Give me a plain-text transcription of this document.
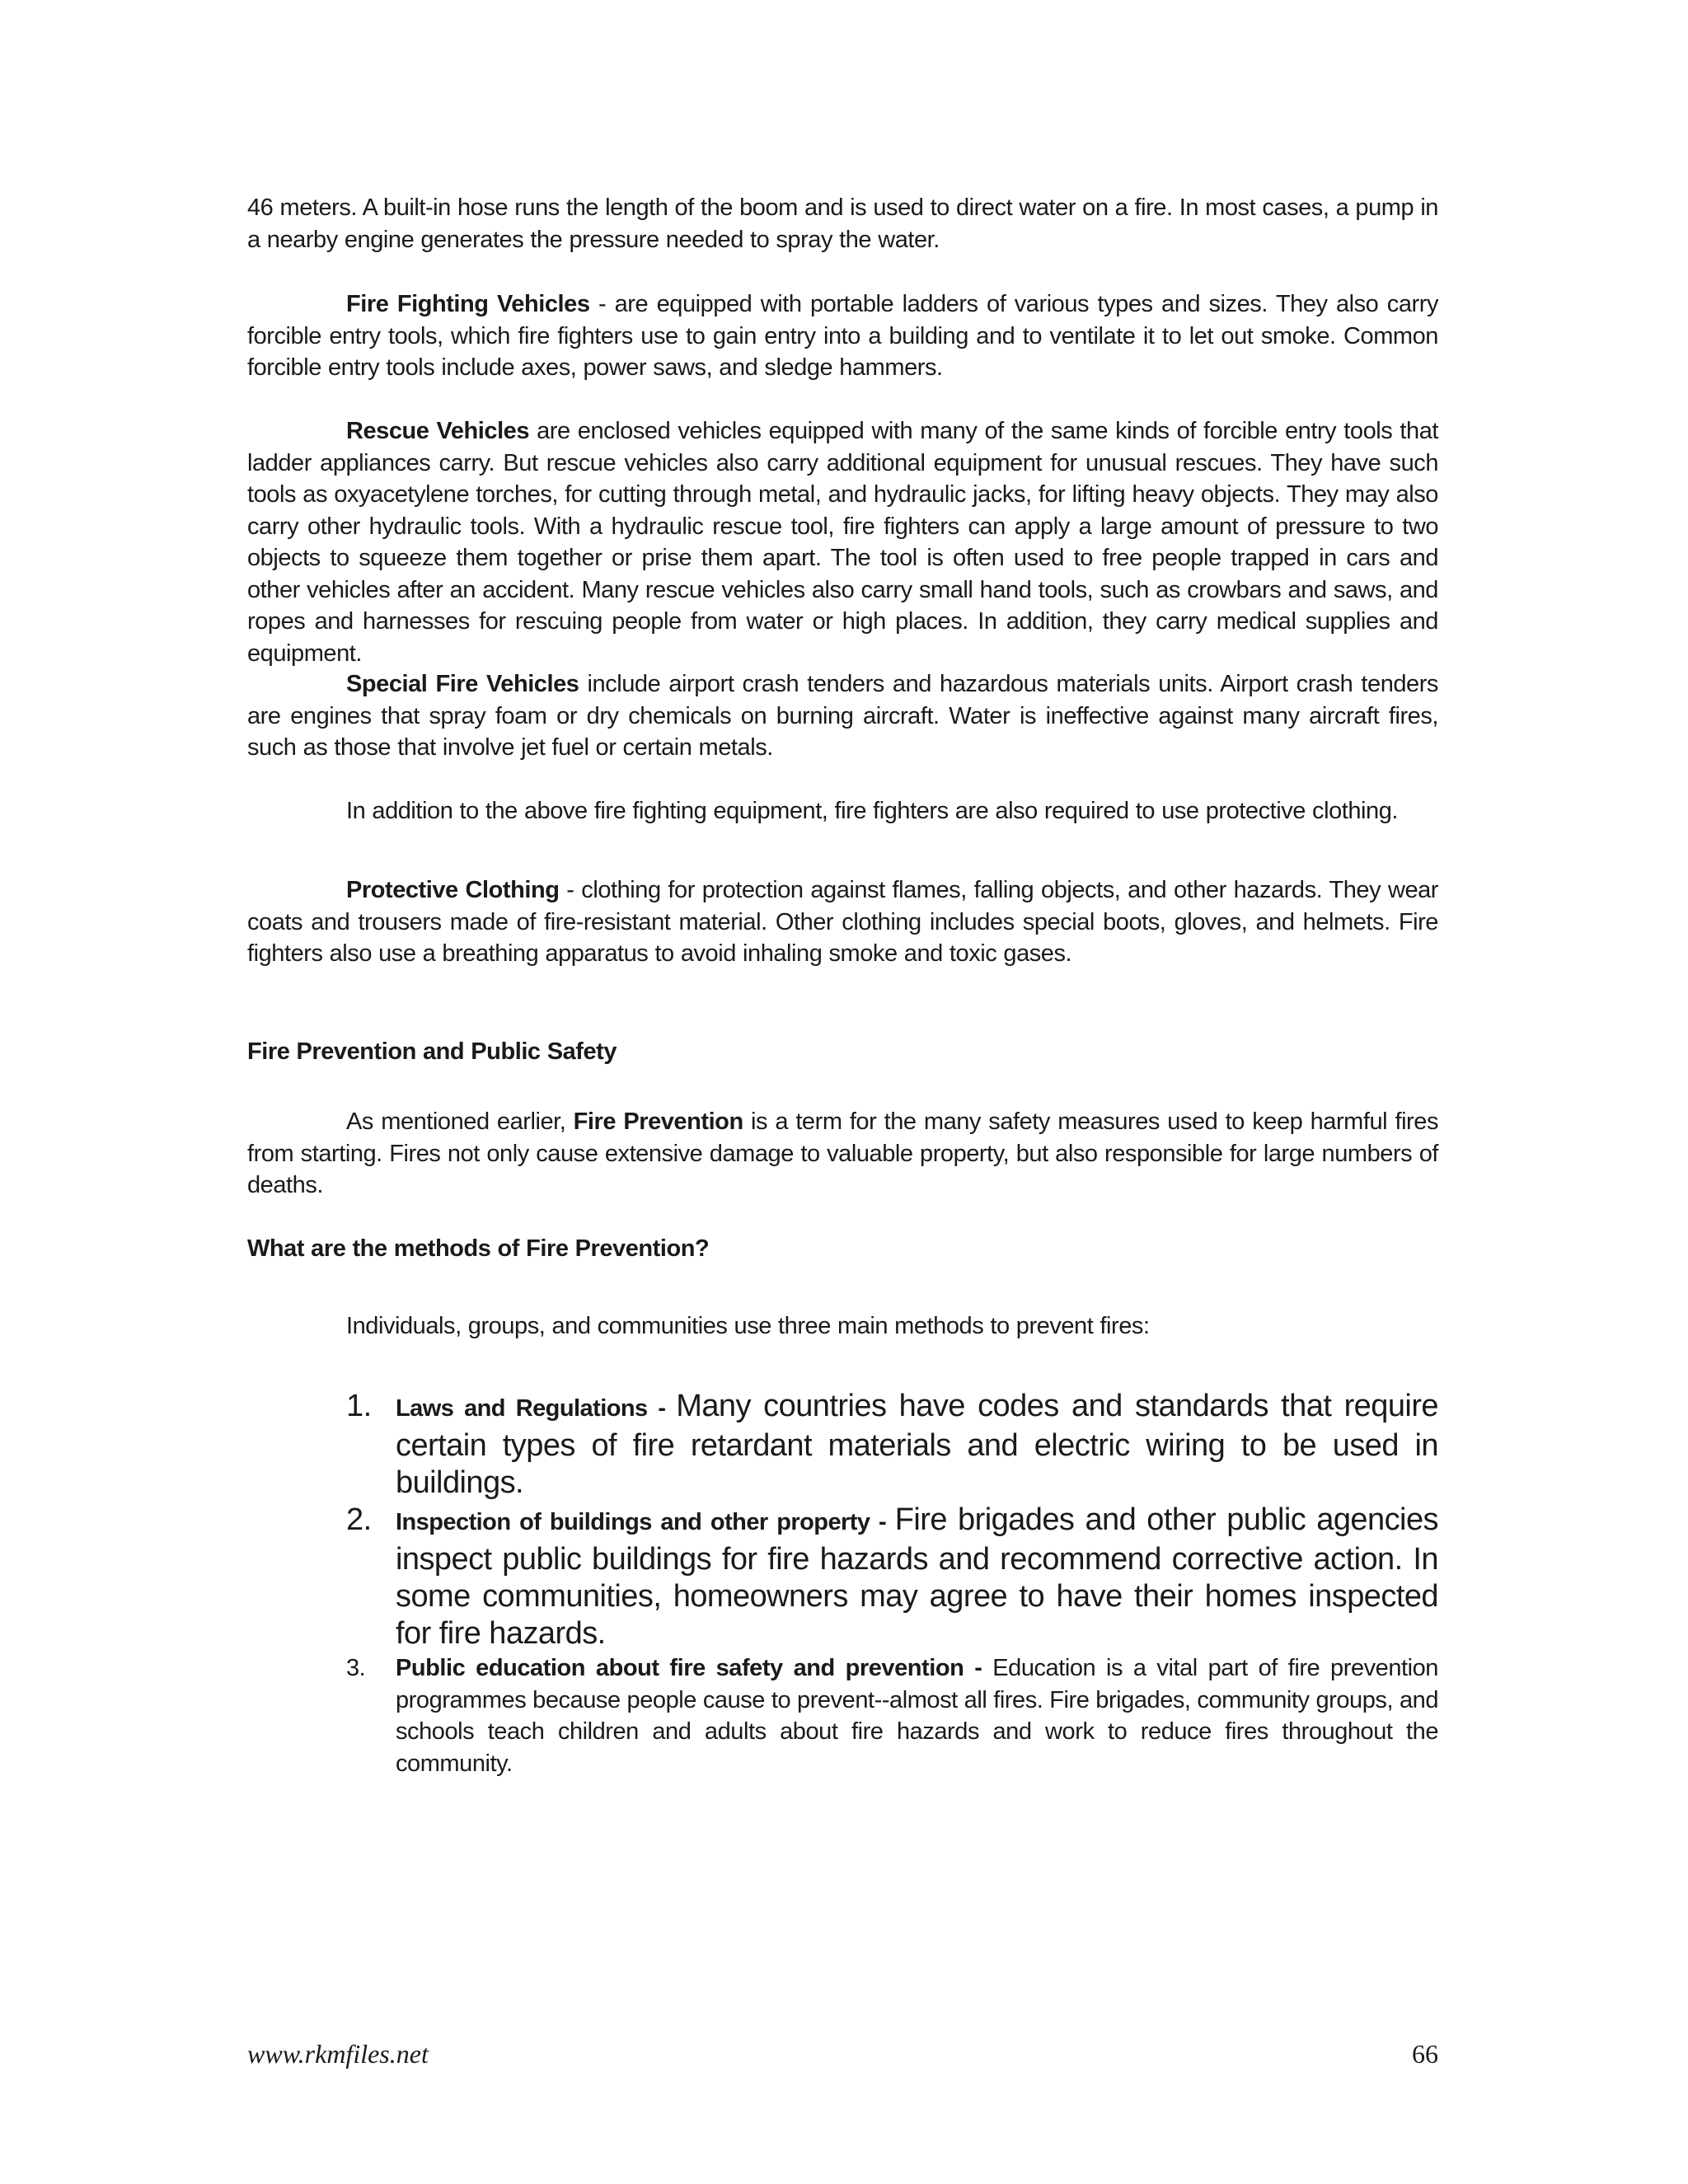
46 meters. A built-in hose runs the length of the boom and is used to direct water on a fire. In most cases, a pump in a nearby engine generates the pressure needed to spray the water.

Fire Fighting Vehicles - are equipped with portable ladders of various types and sizes. They also carry forcible entry tools, which fire fighters use to gain entry into a building and to ventilate it to let out smoke. Common forcible entry tools include axes, power saws, and sledge hammers.

Rescue Vehicles are enclosed vehicles equipped with many of the same kinds of forcible entry tools that ladder appliances carry. But rescue vehicles also carry additional equipment for unusual rescues. They have such tools as oxyacetylene torches, for cutting through metal, and hydraulic jacks, for lifting heavy objects. They may also carry other hydraulic tools. With a hydraulic rescue tool, fire fighters can apply a large amount of pressure to two objects to squeeze them together or prise them apart. The tool is often used to free people trapped in cars and other vehicles after an accident. Many rescue vehicles also carry small hand tools, such as crowbars and saws, and ropes and harnesses for rescuing people from water or high places. In addition, they carry medical supplies and equipment.

Special Fire Vehicles include airport crash tenders and hazardous materials units. Airport crash tenders are engines that spray foam or dry chemicals on burning aircraft. Water is ineffective against many aircraft fires, such as those that involve jet fuel or certain metals.

In addition to the above fire fighting equipment, fire fighters are also required to use protective clothing.

Protective Clothing - clothing for protection against flames, falling objects, and other hazards. They wear coats and trousers made of fire-resistant material. Other clothing includes special boots, gloves, and helmets. Fire fighters also use a breathing apparatus to avoid inhaling smoke and toxic gases.

Fire Prevention and Public Safety

As mentioned earlier, Fire Prevention is a term for the many safety measures used to keep harmful fires from starting. Fires not only cause extensive damage to valuable property, but also responsible for large numbers of deaths.

What are the methods of Fire Prevention?

Individuals, groups, and communities use three main methods to prevent fires:

1. Laws and Regulations - Many countries have codes and standards that require certain types of fire retardant materials and electric wiring to be used in buildings.
2. Inspection of buildings and other property - Fire brigades and other public agencies inspect public buildings for fire hazards and recommend corrective action. In some communities, homeowners may agree to have their homes inspected for fire hazards.
3. Public education about fire safety and prevention - Education is a vital part of fire prevention programmes because people cause to prevent--almost all fires. Fire brigades, community groups, and schools teach children and adults about fire hazards and work to reduce fires throughout the community.
www.rkmfiles.net	66
